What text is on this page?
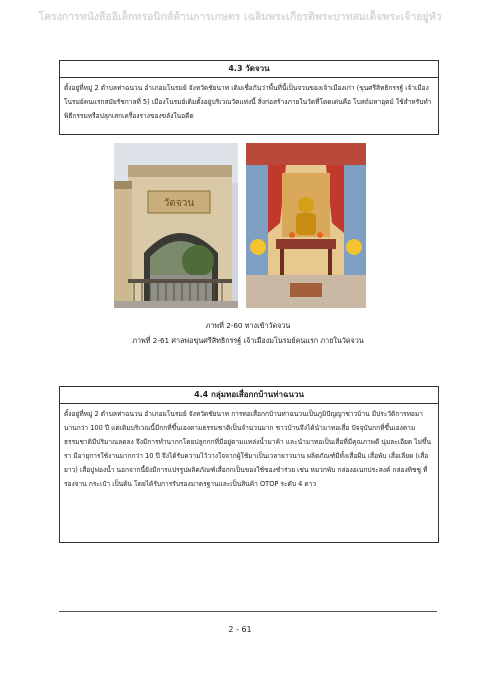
โครงการหนังสืออิเล็กทรอนิกส์ด้านการเกษตร เฉลิมพระเกียรติพระบาทสมเด็จพระเจ้าอยู่หัว
4.3 วัดจวน
ตั้งอยู่ที่หมู่ 2 ตำบลท่าฉนวน อำเภอมโนรมย์ จังหวัดชัยนาท เดิมเชื่อกันว่าพื้นที่นี้เป็นจวนของเจ้าเมืองเก่า (ขุนศรีสิทธิกรรฐ์ เจ้าเมืองโนรมย์คนแรกสมัยรัชกาลที่ 5) เมืองโนรมย์เดิมตั้งอยู่บริเวณวัดแห่งนี้ สิ่งก่อสร้างภายในวัดที่โดดเด่นคือ โบสถ์มหาอุตม์ ใช้สำหรับทำพิธีกรรมหรือปลุกเสกเครื่องรางของขลังในอดีต
วัดจวน
ภาพที่ 2-60 ทางเข้าวัดจวน
ภาพที่ 2-61 ศาลพ่อขุนศรีสิทธิกรรฐ์ เจ้าเมืองมโนรมย์คนแรก ภายในวัดจวน
4.4 กลุ่มทอเสื่อกกบ้านท่าฉนวน
ตั้งอยู่ที่หมู่ 2 ตำบลท่าฉนวน อำเภอมโนรมย์ จังหวัดชัยนาท การทอเสื่อกกบ้านท่าฉนวนเป็นภูมิปัญญาชาวบ้าน มีประวัติการทอมานานกว่า 100 ปี แต่เดิมบริเวณนี้มีกกที่ขึ้นเองตามธรรมชาติเป็นจำนวนมาก ชาวบ้านจึงได้นำมาทอเสื่อ ปัจจุบันกกที่ขึ้นเองตามธรรมชาติมีปริมาณลดลง จึงมีการทำนากกโดยปลูกกกที่มีอยู่ตามแหล่งน้ำมาค้า และนำมาทอเป็นเสื่อที่มีคุณภาพดี นุ่มละเอียด ไม่ขึ้นรา มีอายุการใช้งานมากกว่า 10 ปี จึงได้รับความไว้วางใจจากผู้ใช้มาเป็นเวลายาวนาน ผลิตภัณฑ์มีทั้งเสื่อผืน เสื่อพับ เสื่อเลียด (เสื่อยาว) เสื่อปูฟองน้ำ นอกจากนี้ยังมีการแปรรูปผลิตภัณฑ์เสื่อกกเป็นของใช้ของชำร่วย เช่น หมวกพับ กล่องอเนกประสงค์ กล่องทิชชู ที่รองจาน กระเป๋า เป็นต้น โดยได้รับการรับรองมาตรฐานและเป็นสินค้า OTOP ระดับ 4 ดาว
2 - 61
